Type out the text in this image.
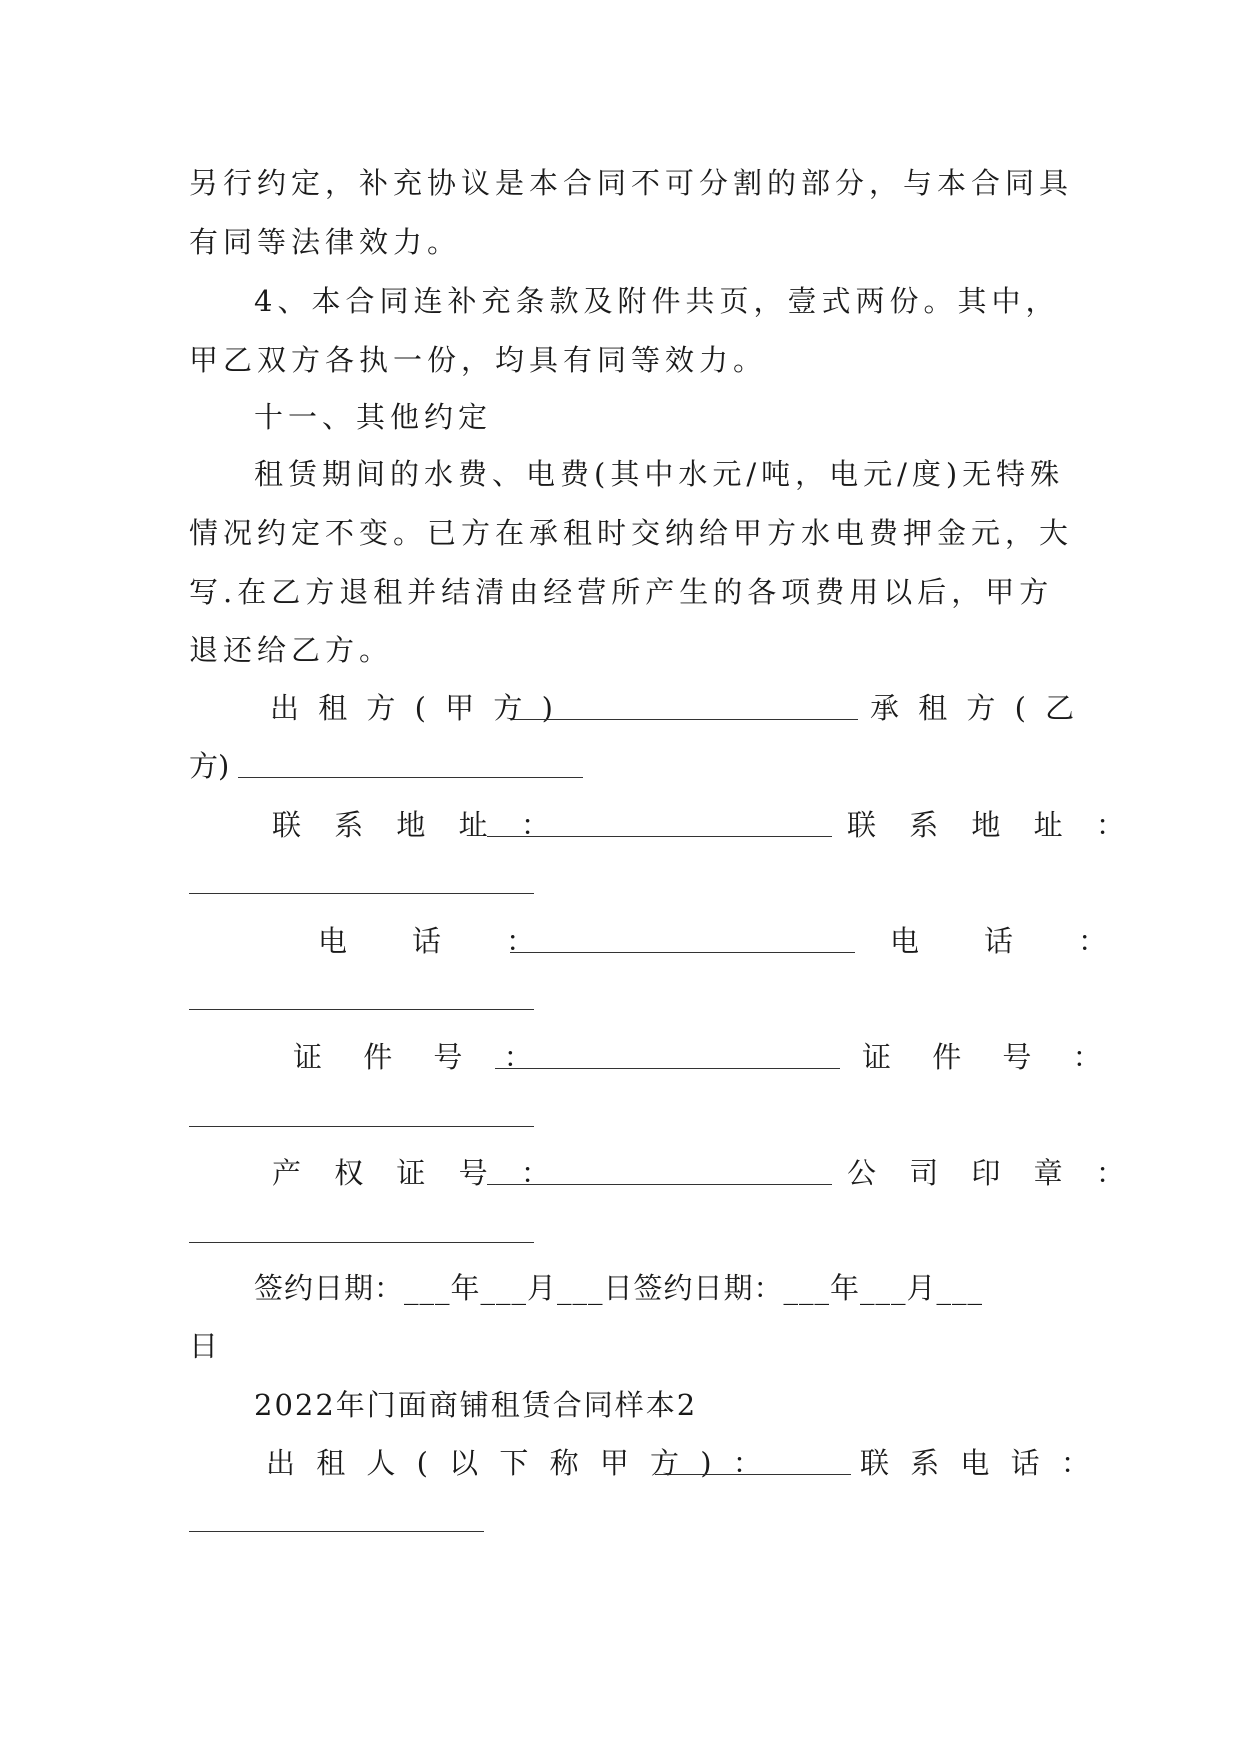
另行约定，补充协议是本合同不可分割的部分，与本合同具
有同等法律效力。
4、本合同连补充条款及附件共页，壹式两份。其中，
甲乙双方各执一份，均具有同等效力。
十一、其他约定
租赁期间的水费、电费(其中水元/吨，电元/度)无特殊
情况约定不变。已方在承租时交纳给甲方水电费押金元，大
写.在乙方退租并结清由经营所产生的各项费用以后，甲方
退还给乙方。
出 租 方 ( 甲 方 )	承 租 方 ( 乙
方)
联 系 地 址 ：	联 系 地 址 ：
电　话　：	电　话　：
证 件 号 ：	证 件 号 ：
产 权 证 号 ：	公 司 印 章 ：
签约日期：___年___月___日签约日期：___年___月___
日
2022年门面商铺租赁合同样本2
出 租 人 ( 以 下 称 甲 方 ) ：	联 系 电 话 ：
